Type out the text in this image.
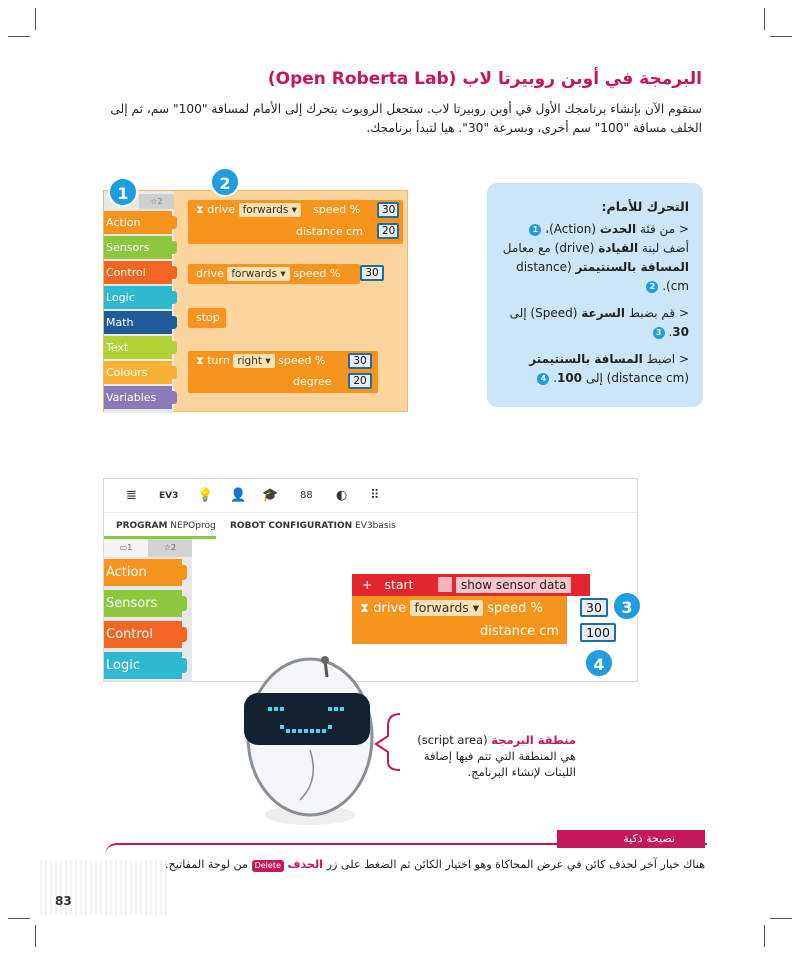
البرمجة في أوبن روبيرتا لاب (Open Roberta Lab)

ستقوم الآن بإنشاء برنامجك الأول في أوبن روبيرتا لاب. ستجعل الروبوت يتحرك إلى الأمام لمسافة "100" سم، ثم إلى الخلف مسافة "100" سم أخرى، وبسرعة "30". هيا لتبدأ برنامجك.

☆2
Action
Sensors
Control
Logic
Math
Text
Colours
Variables
⧗ drive forwards ▾	speed %
distance cm
30
20
drive forwards ▾ speed %	30
stop
⧗ turn right ▾ speed %
degree
30
20
1
2
التحرك للأمام:

< من فئة الحدث (Action)، 1 أضف لبنة القيادة (drive) مع معامل المسافة بالسنتيمتر (distance cm). 2

< قم بضبط السرعة (Speed) إلى 30. 3

< اضبط المسافة بالسنتيمتر (distance cm) إلى 100. 4

≣ EV3 💡 👤 🎓 88 ◐ ⠿
PROGRAM NEPOprog ROBOT CONFIGURATION EV3basis
▭1	☆2
Action
Sensors
Control
Logic
+ start	show sensor data
⧗ drive forwards ▾ speed %
distance cm
30
100
3
4
منطقة البرمجة (script area)
هي المنطقة التي تتم فيها إضافة اللبنات لإنشاء البرنامج.
نصيحة ذكية
هناك خيار آخر لحذف كائن في عرض المحاكاة وهو اختيار الكائن ثم الضغط على زر الحذف Delete من لوحة المفاتيح.
83
